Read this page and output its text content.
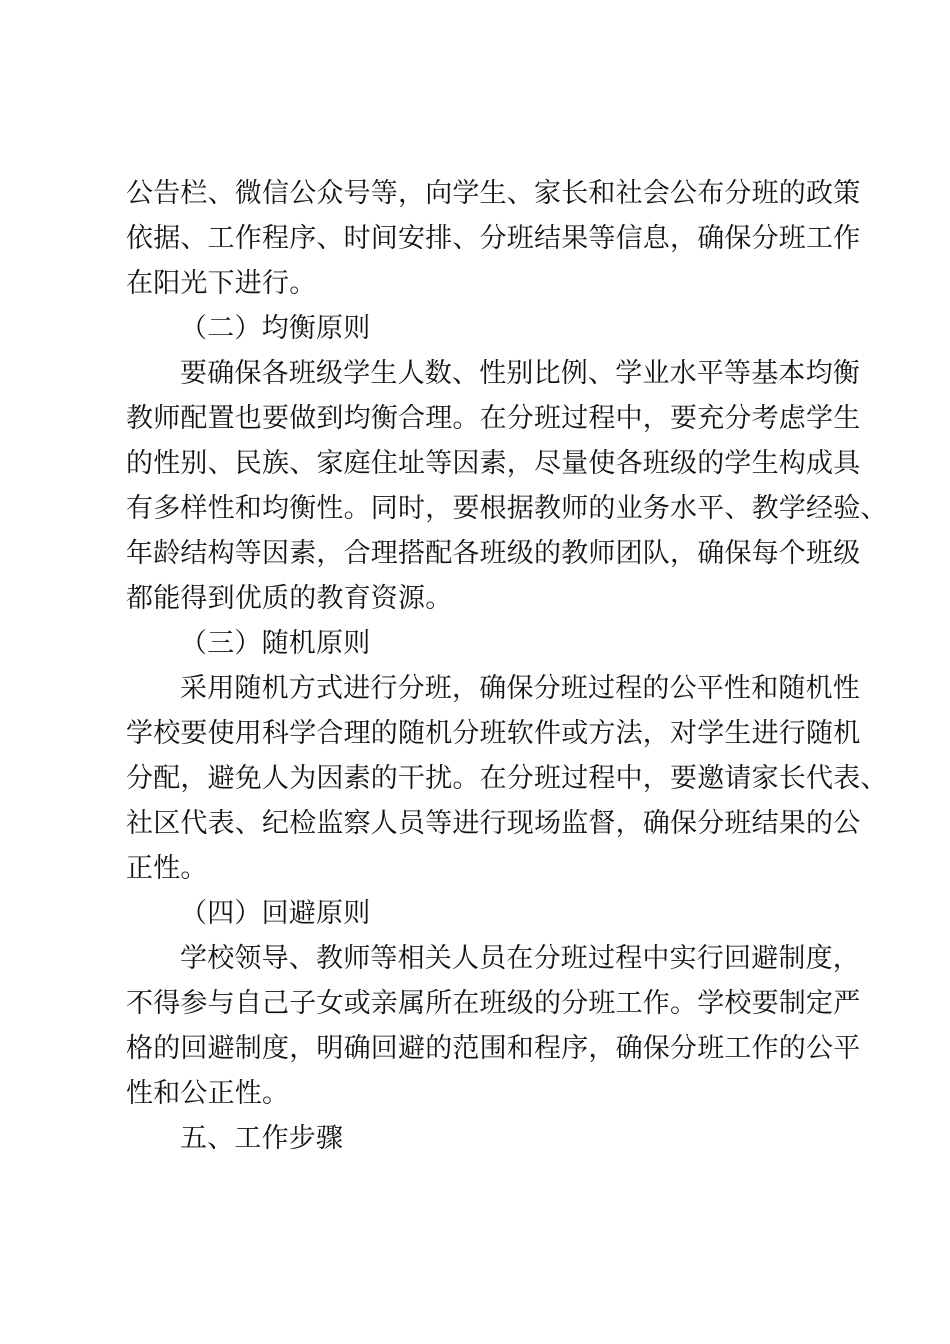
公告栏、微信公众号等，向学生、家长和社会公布分班的政策
依据、工作程序、时间安排、分班结果等信息，确保分班工作
在阳光下进行。
（二）均衡原则
要确保各班级学生人数、性别比例、学业水平等基本均衡
教师配置也要做到均衡合理。在分班过程中，要充分考虑学生
的性别、民族、家庭住址等因素，尽量使各班级的学生构成具
有多样性和均衡性。同时，要根据教师的业务水平、教学经验、
年龄结构等因素，合理搭配各班级的教师团队，确保每个班级
都能得到优质的教育资源。
（三）随机原则
采用随机方式进行分班，确保分班过程的公平性和随机性
学校要使用科学合理的随机分班软件或方法，对学生进行随机
分配，避免人为因素的干扰。在分班过程中，要邀请家长代表、
社区代表、纪检监察人员等进行现场监督，确保分班结果的公
正性。
（四）回避原则
学校领导、教师等相关人员在分班过程中实行回避制度，
不得参与自己子女或亲属所在班级的分班工作。学校要制定严
格的回避制度，明确回避的范围和程序，确保分班工作的公平
性和公正性。
五、工作步骤
